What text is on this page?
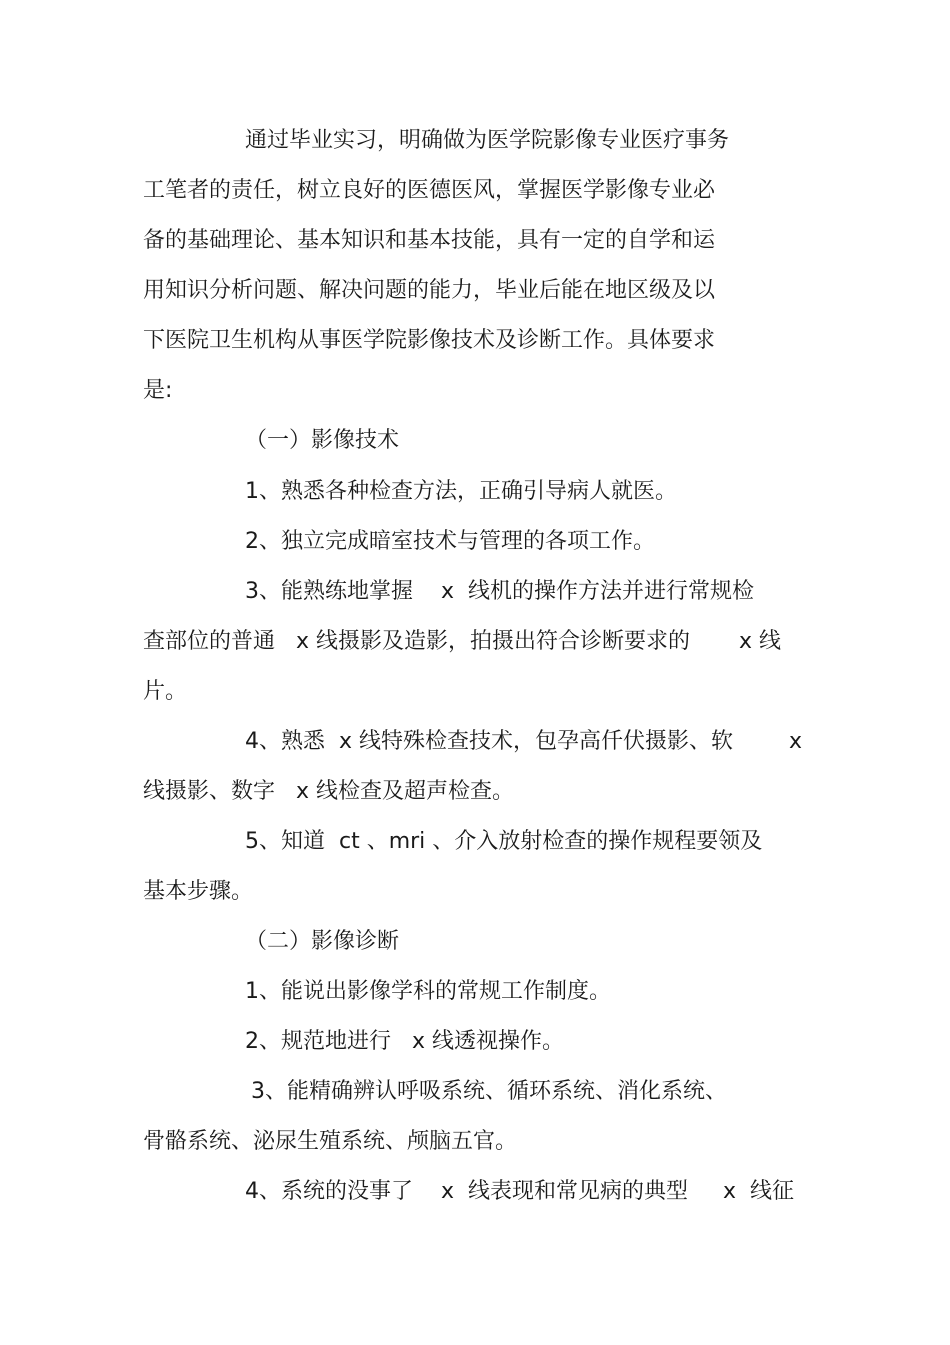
通过毕业实习，明确做为医学院影像专业医疗事务
工笔者的责任，树立良好的医德医风，掌握医学影像专业必
备的基础理论、基本知识和基本技能，具有一定的自学和运
用知识分析问题、解决问题的能力，毕业后能在地区级及以
下医院卫生机构从事医学院影像技术及诊断工作。具体要求
是:
（一）影像技术
1、熟悉各种检查方法，正确引导病人就医。
2、独立完成暗室技术与管理的各项工作。
3、能熟练地掌握    x  线机的操作方法并进行常规检
查部位的普通   x 线摄影及造影，拍摄出符合诊断要求的       x 线
片。
4、熟悉  x 线特殊检查技术，包孕高仟伏摄影、软        x
线摄影、数字   x 线检查及超声检查。
5、知道  ct 、mri 、介入放射检查的操作规程要领及
基本步骤。
（二）影像诊断
1、能说出影像学科的常规工作制度。
2、规范地进行   x 线透视操作。
3、能精确辨认呼吸系统、循环系统、消化系统、
骨骼系统、泌尿生殖系统、颅脑五官。
4、系统的没事了    x  线表现和常见病的典型     x  线征
